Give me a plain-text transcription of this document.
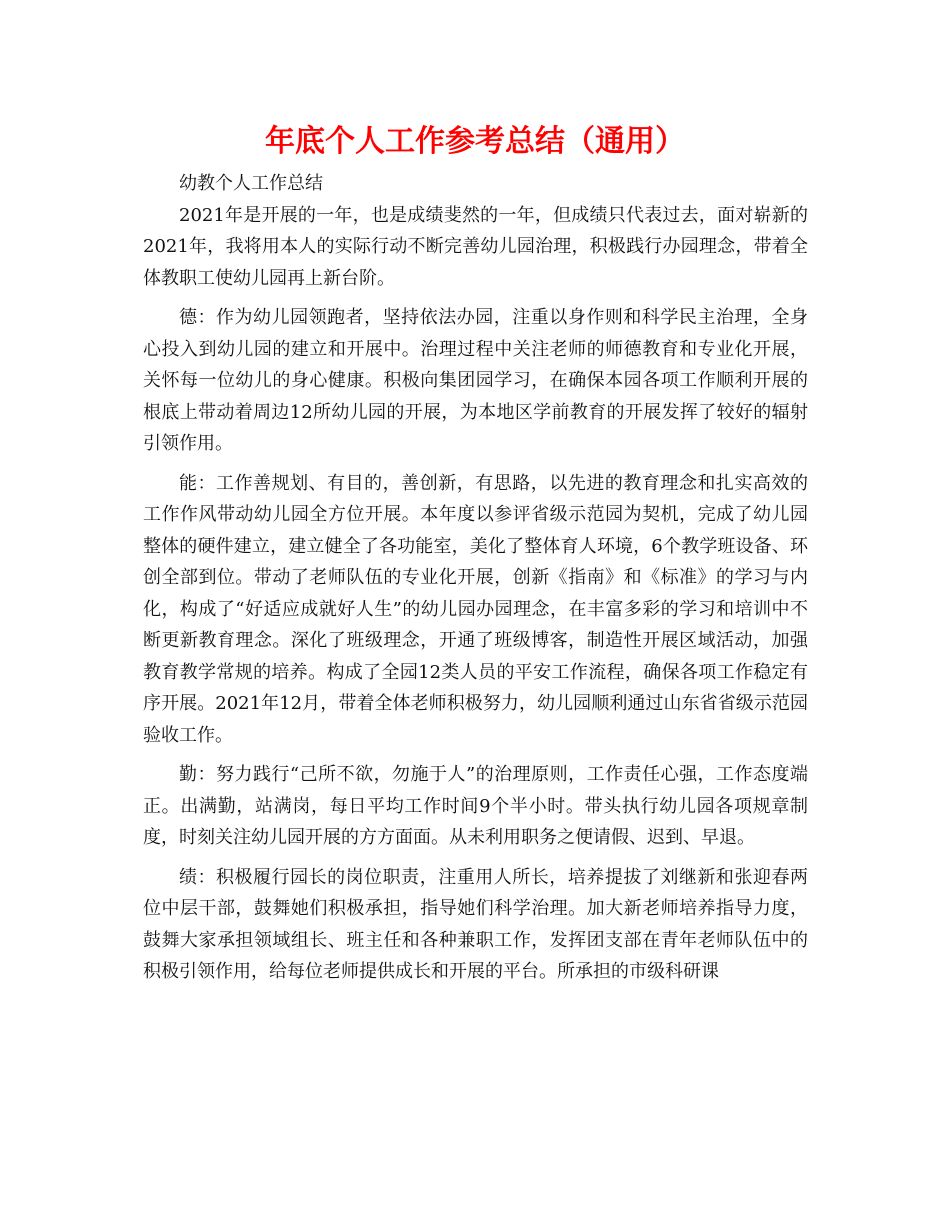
年底个人工作参考总结（通用）

幼教个人工作总结

2021年是开展的一年，也是成绩斐然的一年，但成绩只代表过去，面对崭新的2021年，我将用本人的实际行动不断完善幼儿园治理，积极践行办园理念，带着全体教职工使幼儿园再上新台阶。

德：作为幼儿园领跑者，坚持依法办园，注重以身作则和科学民主治理，全身心投入到幼儿园的建立和开展中。治理过程中关注老师的师德教育和专业化开展，关怀每一位幼儿的身心健康。积极向集团园学习，在确保本园各项工作顺利开展的根底上带动着周边12所幼儿园的开展，为本地区学前教育的开展发挥了较好的辐射引领作用。

能：工作善规划、有目的，善创新，有思路，以先进的教育理念和扎实高效的工作作风带动幼儿园全方位开展。本年度以参评省级示范园为契机，完成了幼儿园整体的硬件建立，建立健全了各功能室，美化了整体育人环境，6个教学班设备、环创全部到位。带动了老师队伍的专业化开展，创新《指南》和《标准》的学习与内化，构成了“好适应成就好人生”的幼儿园办园理念，在丰富多彩的学习和培训中不断更新教育理念。深化了班级理念，开通了班级博客，制造性开展区域活动，加强教育教学常规的培养。构成了全园12类人员的平安工作流程，确保各项工作稳定有序开展。2021年12月，带着全体老师积极努力，幼儿园顺利通过山东省省级示范园验收工作。

勤：努力践行“己所不欲，勿施于人”的治理原则，工作责任心强，工作态度端正。出满勤，站满岗，每日平均工作时间9个半小时。带头执行幼儿园各项规章制度，时刻关注幼儿园开展的方方面面。从未利用职务之便请假、迟到、早退。

绩：积极履行园长的岗位职责，注重用人所长，培养提拔了刘继新和张迎春两位中层干部，鼓舞她们积极承担，指导她们科学治理。加大新老师培养指导力度，鼓舞大家承担领域组长、班主任和各种兼职工作，发挥团支部在青年老师队伍中的积极引领作用，给每位老师提供成长和开展的平台。所承担的市级科研课
